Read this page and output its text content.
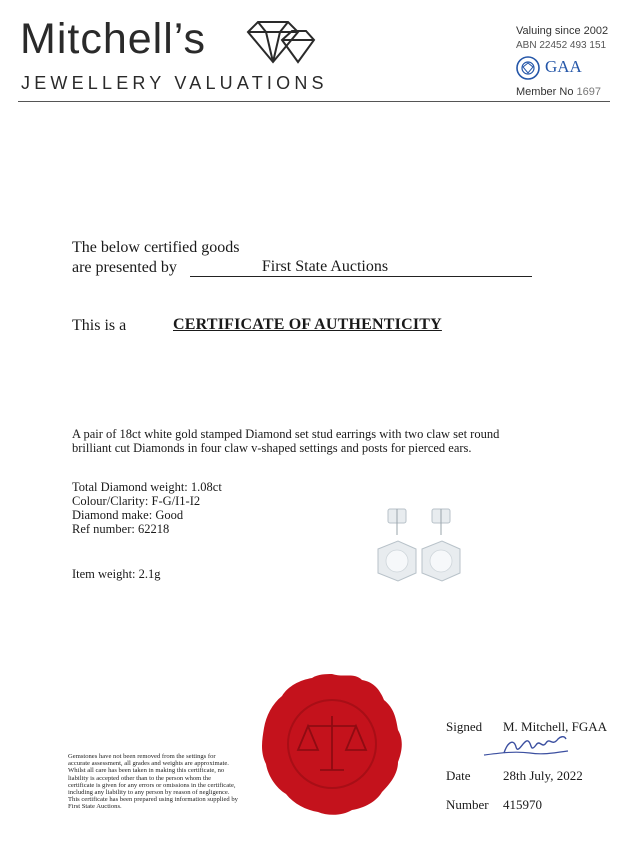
Mitchell’s
JEWELLERY VALUATIONS
Valuing since 2002
ABN 22452 493 151
GAA
Member No 1697
The below certified goods
are presented by	First State Auctions
This is a	CERTIFICATE OF AUTHENTICITY
A pair of 18ct white gold stamped Diamond set stud earrings with two claw set round brilliant cut Diamonds in four claw v-shaped settings and posts for pierced ears.
Total Diamond weight: 1.08ct
Colour/Clarity: F-G/I1-I2
Diamond make: Good
Ref number: 62218
Item weight: 2.1g
Gemstones have not been removed from the settings for accurate assessment, all grades and weights are approximate. Whilst all care has been taken in making this certificate, no liability is accepted other than to the person whom the certificate is given for any errors or omissions in the certificate, including any liability to any person by reason of negligence. This certificate has been prepared using information supplied by First State Auctions.
Signed M. Mitchell, FGAA
Date 28th July, 2022
Number 415970
